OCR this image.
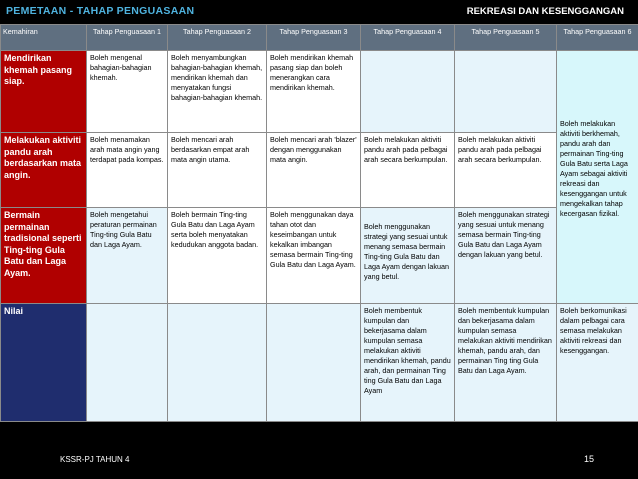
PEMETAAN - TAHAP PENGUASAAN	REKREASI DAN KESENGGANGAN
Kemahiran	Tahap Penguasaan 1	Tahap Penguasaan 2	Tahap Penguasaan 3	Tahap Penguasaan 4	Tahap Penguasaan 5	Tahap Penguasaan 6
Mendirikan khemah pasang siap.	Boleh mengenal bahagian-bahagian khemah.	Boleh menyambungkan bahagian-bahagian khemah, mendirikan khemah dan menyatakan fungsi bahagian-bahagian khemah.	Boleh mendirikan khemah pasang siap dan boleh menerangkan cara mendirikan khemah.			Boleh melakukan aktiviti berkhemah, pandu arah dan permainan Ting-ting Gula Batu serta Laga Ayam sebagai aktiviti rekreasi dan kesenggangan untuk mengekalkan tahap kecergasan fizikal.
Melakukan aktiviti pandu arah berdasarkan mata angin.	Boleh menamakan arah mata angin yang terdapat pada kompas.	Boleh mencari arah berdasarkan empat arah mata angin utama.	Boleh mencari arah 'blazer' dengan menggunakan mata angin.	Boleh melakukan aktiviti pandu arah pada pelbagai arah secara berkumpulan.	Boleh melakukan aktiviti pandu arah pada pelbagai arah secara berkumpulan.	
Bermain permainan tradisional seperti Ting-ting Gula Batu dan Laga Ayam.	Boleh mengetahui peraturan permainan Ting-ting Gula Batu dan Laga Ayam.	Boleh bermain Ting-ting Gula Batu dan Laga Ayam serta boleh menyatakan kedudukan anggota badan.	Boleh menggunakan daya tahan otot dan keseimbangan untuk kekalkan imbangan semasa bermain Ting-ting Gula Batu dan Laga Ayam.	Boleh menggunakan strategi yang sesuai untuk menang semasa bermain Ting-ting Gula Batu dan Laga Ayam dengan lakuan yang betul.	Boleh menggunakan strategi yang sesuai untuk menang semasa bermain Ting-ting Gula Batu dan Laga Ayam dengan lakuan yang betul.	
Nilai				Boleh membentuk kumpulan dan bekerjasama dalam kumpulan semasa melakukan aktiviti mendirikan khemah, pandu arah, dan permainan Ting ting Gula Batu dan Laga Ayam	Boleh membentuk kumpulan dan bekerjasama dalam kumpulan semasa melakukan aktiviti mendirikan khemah, pandu arah, dan permainan Ting ting Gula Batu dan Laga Ayam.	Boleh berkomunikasi dalam pelbagai cara semasa melakukan aktiviti rekreasi dan kesenggangan.
KSSR-PJ TAHUN 4	15
